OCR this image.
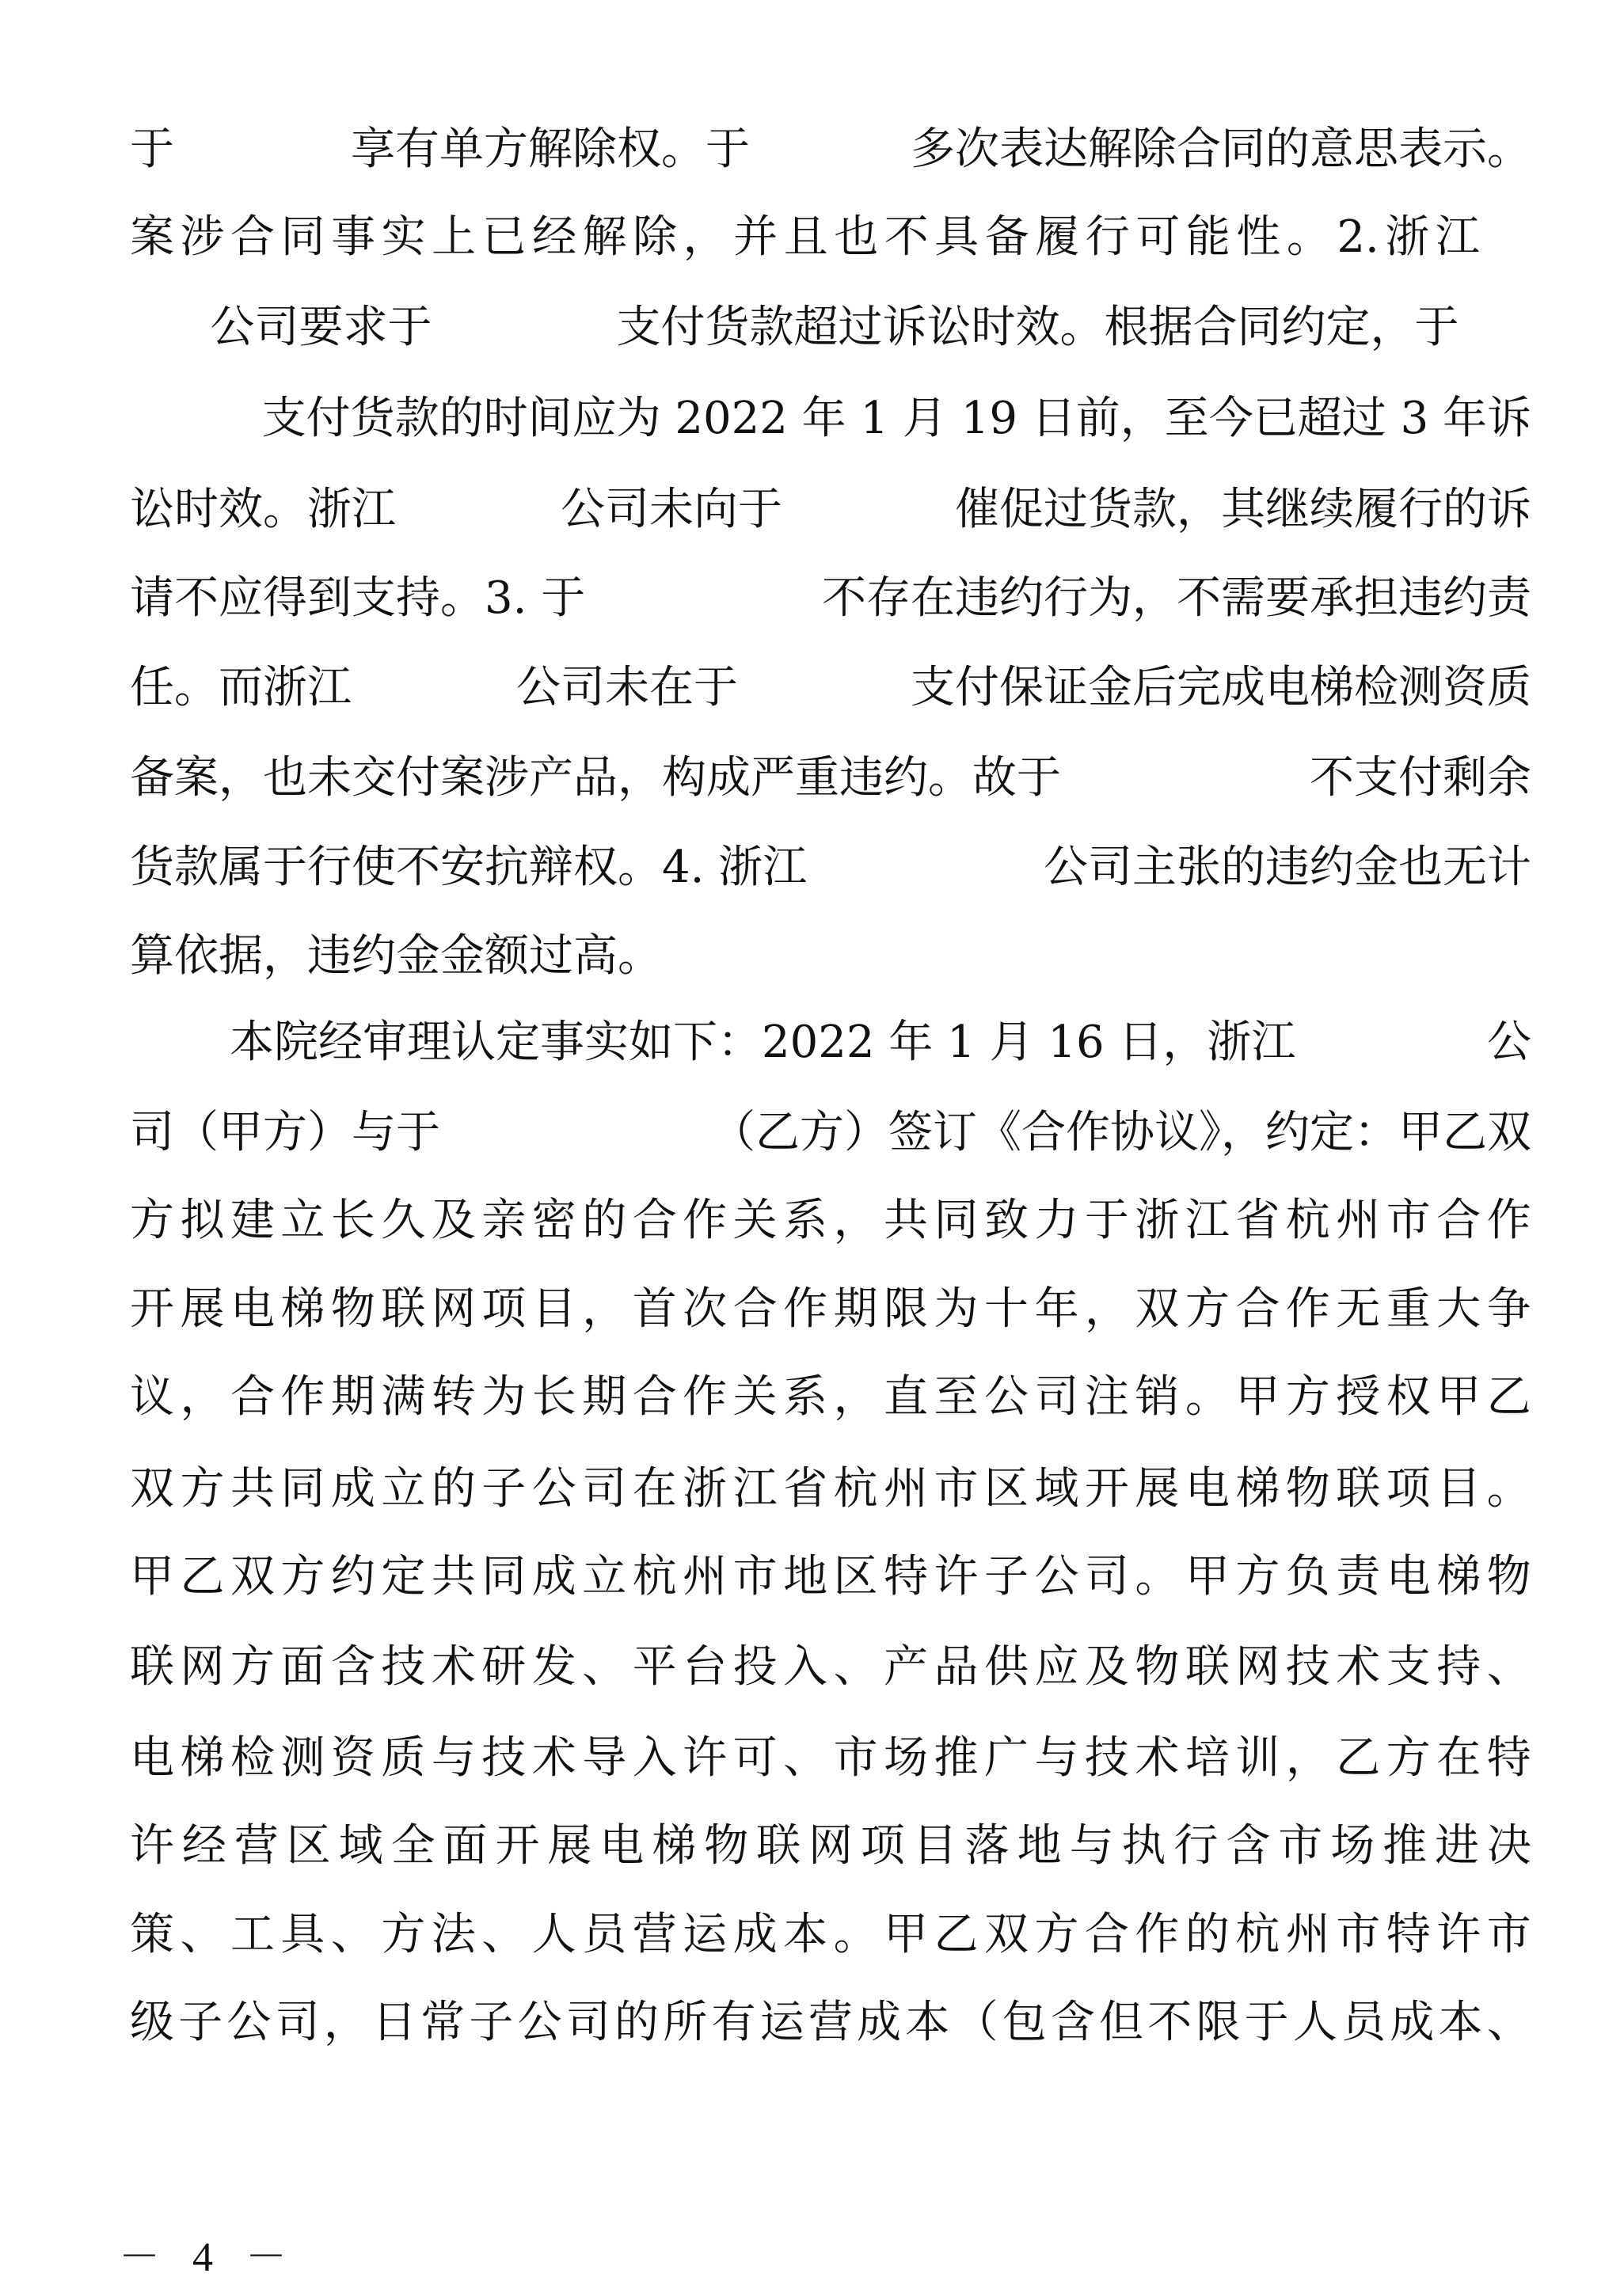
于	享有单方解除权。于	多次表达解除合同的意思表示。
案 涉 合 同 事 实 上 已 经 解 除 ， 并 且 也 不 具 备 履 行 可 能 性 。 2. 浙 江
公司要求于	支付货款超过诉讼时效。根据合同约定，于
支付货款的时间应为 2022 年 1 月 19 日前，至今已超过 3 年诉
讼时效。浙江	公司未向于	催促过货款，其继续履行的诉
请不应得到支持。3. 于	不存在违约行为，不需要承担违约责
任。而浙江	公司未在于	支付保证金后完成电梯检测资质
备案，也未交付案涉产品，构成严重违约。故于	不支付剩余
货款属于行使不安抗辩权。4. 浙江	公司主张的违约金也无计
算依据，违约金金额过高。
本院经审理认定事实如下：2022 年 1 月 16 日，浙江	公
司（甲方）与于	（乙方）签订《合作协议》，约定：甲乙双
方 拟 建 立 长 久 及 亲 密 的 合 作 关 系 ， 共 同 致 力 于 浙 江 省 杭 州 市 合 作
开 展 电 梯 物 联 网 项 目 ， 首 次 合 作 期 限 为 十 年 ， 双 方 合 作 无 重 大 争
议 ， 合 作 期 满 转 为 长 期 合 作 关 系 ， 直 至 公 司 注 销 。 甲 方 授 权 甲 乙
双 方 共 同 成 立 的 子 公 司 在 浙 江 省 杭 州 市 区 域 开 展 电 梯 物 联 项 目 。
甲 乙 双 方 约 定 共 同 成 立 杭 州 市 地 区 特 许 子 公 司 。 甲 方 负 责 电 梯 物
联 网 方 面 含 技 术 研 发 、 平 台 投 入 、 产 品 供 应 及 物 联 网 技 术 支 持 、
电 梯 检 测 资 质 与 技 术 导 入 许 可 、 市 场 推 广 与 技 术 培 训 ， 乙 方 在 特
许 经 营 区 域 全 面 开 展 电 梯 物 联 网 项 目 落 地 与 执 行 含 市 场 推 进 决
策 、 工 具 、 方 法 、 人 员 营 运 成 本 。 甲 乙 双 方 合 作 的 杭 州 市 特 许 市
级 子 公 司 ， 日 常 子 公 司 的 所 有 运 营 成 本 （ 包 含 但 不 限 于 人 员 成 本 、
－ 4 －
